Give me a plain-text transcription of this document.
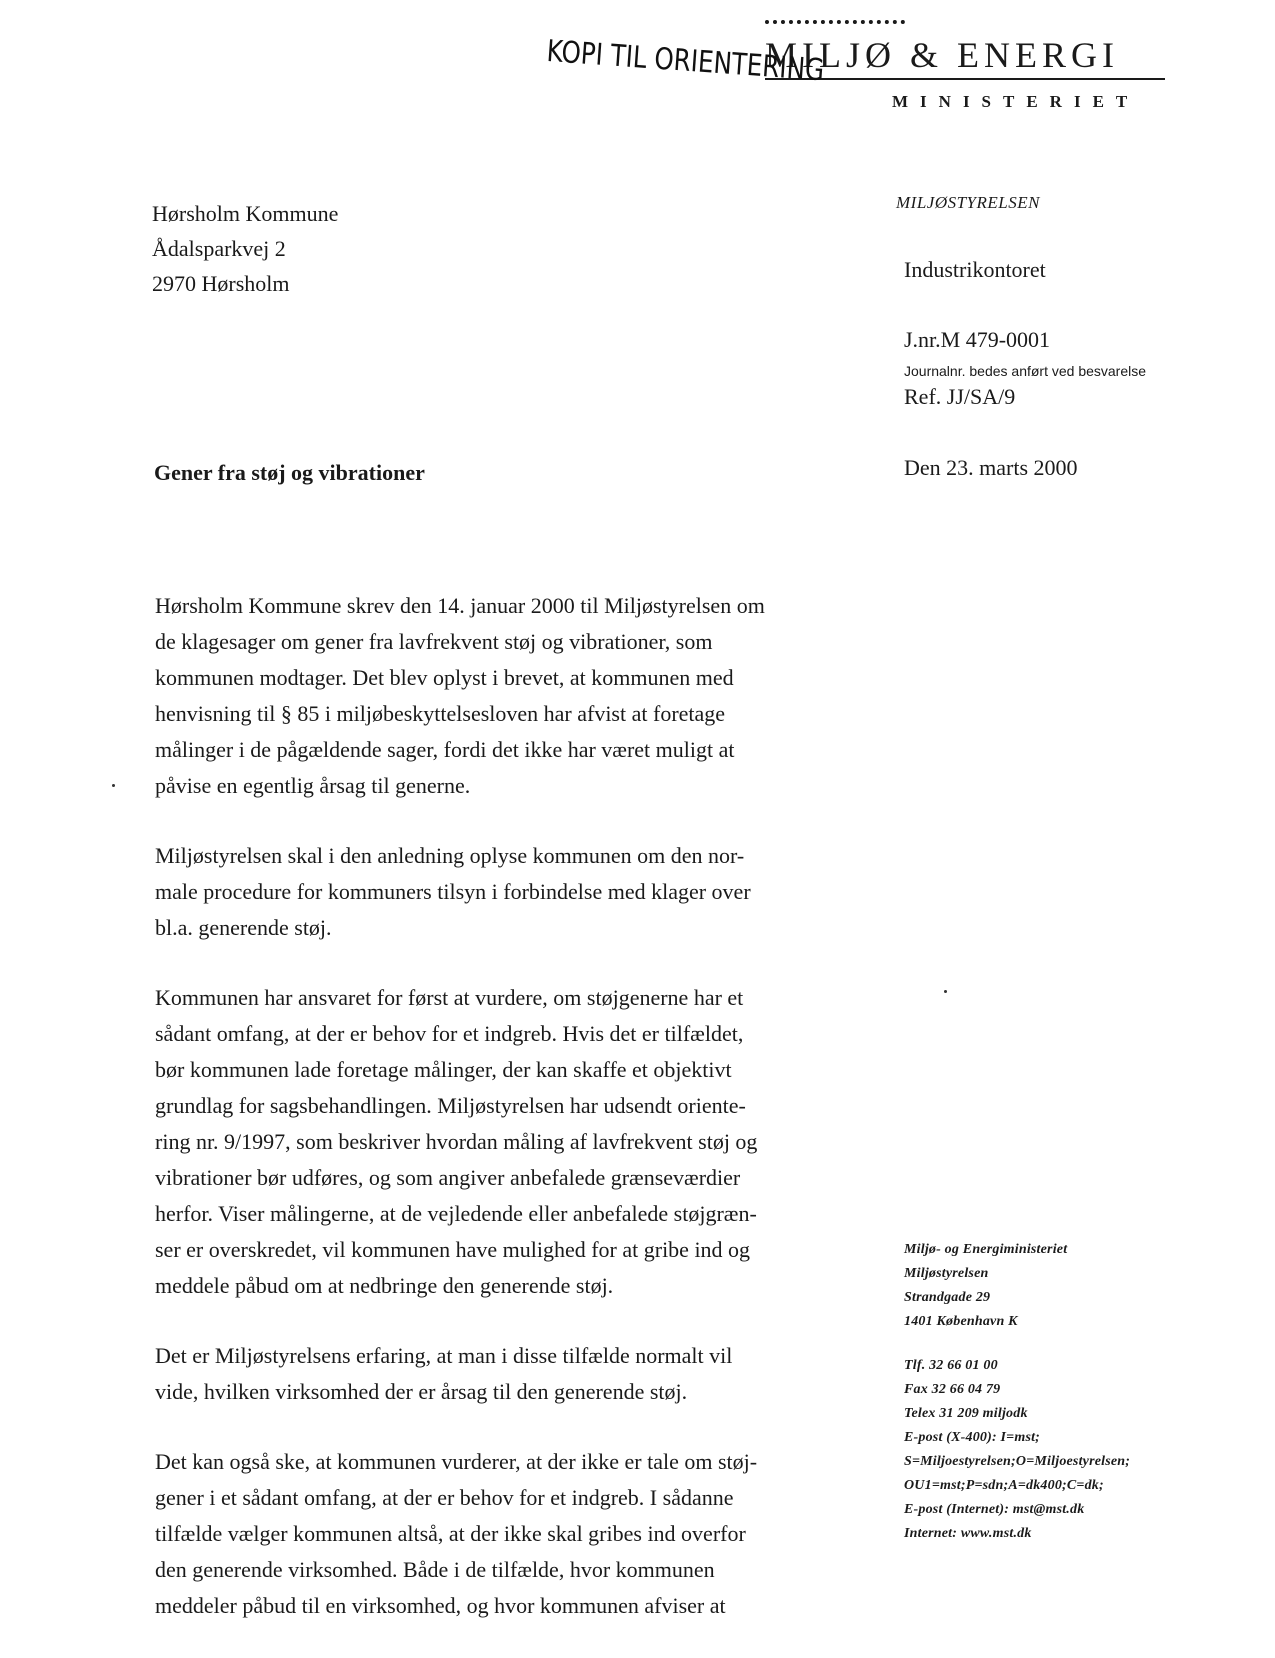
MILJØ & ENERGI
MINISTERIET
KOPI TIL ORIENTERING
Hørsholm Kommune
Ådalsparkvej 2
2970 Hørsholm
MILJØSTYRELSEN
Industrikontoret
J.nr.M 479-0001
Journalnr. bedes anført ved besvarelse
Ref. JJ/SA/9
Den 23. marts 2000
Gener fra støj og vibrationer

Hørsholm Kommune skrev den 14. januar 2000 til Miljøstyrelsen om
de klagesager om gener fra lavfrekvent støj og vibrationer, som
kommunen modtager. Det blev oplyst i brevet, at kommunen med
henvisning til § 85 i miljøbeskyttelsesloven har afvist at foretage
målinger i de pågældende sager, fordi det ikke har været muligt at
påvise en egentlig årsag til generne.

Miljøstyrelsen skal i den anledning oplyse kommunen om den nor-
male procedure for kommuners tilsyn i forbindelse med klager over
bl.a. generende støj.

Kommunen har ansvaret for først at vurdere, om støjgenerne har et
sådant omfang, at der er behov for et indgreb. Hvis det er tilfældet,
bør kommunen lade foretage målinger, der kan skaffe et objektivt
grundlag for sagsbehandlingen. Miljøstyrelsen har udsendt oriente-
ring nr. 9/1997, som beskriver hvordan måling af lavfrekvent støj og
vibrationer bør udføres, og som angiver anbefalede grænseværdier
herfor. Viser målingerne, at de vejledende eller anbefalede støjgræn-
ser er overskredet, vil kommunen have mulighed for at gribe ind og
meddele påbud om at nedbringe den generende støj.

Det er Miljøstyrelsens erfaring, at man i disse tilfælde normalt vil
vide, hvilken virksomhed der er årsag til den generende støj.

Det kan også ske, at kommunen vurderer, at der ikke er tale om støj-
gener i et sådant omfang, at der er behov for et indgreb. I sådanne
tilfælde vælger kommunen altså, at der ikke skal gribes ind overfor
den generende virksomhed. Både i de tilfælde, hvor kommunen
meddeler påbud til en virksomhed, og hvor kommunen afviser at

Miljø- og Energiministeriet
Miljøstyrelsen
Strandgade 29
1401 København K
Tlf. 32 66 01 00
Fax 32 66 04 79
Telex 31 209 miljodk
E-post (X-400): I=mst;
S=Miljoestyrelsen;O=Miljoestyrelsen;
OU1=mst;P=sdn;A=dk400;C=dk;
E-post (Internet): mst@mst.dk
Internet: www.mst.dk
